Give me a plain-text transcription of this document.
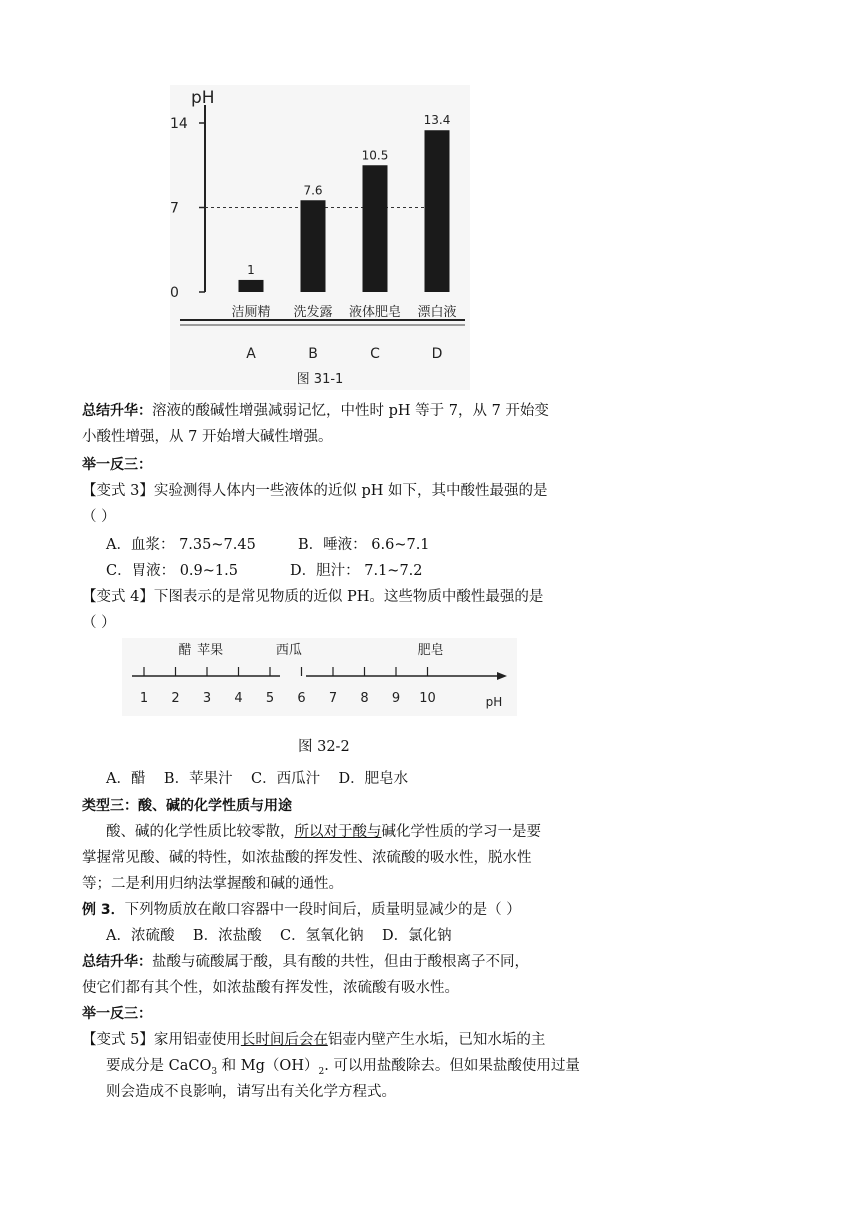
pH
0
7
14
1
洁厕精
A
7.6
洗发露
B
10.5
液体肥皂
C
13.4
漂白液
D
图 31-1
1 2 3 4 5 6 7 8 9 10	pH
醋 苹果	西瓜	肥皂
图 32-2
总结升华：溶液的酸碱性增强减弱记忆，中性时 pH 等于 7，从 7 开始变
小酸性增强，从 7 开始增大碱性增强。
举一反三：
【变式 3】实验测得人体内一些液体的近似 pH 如下，其中酸性最强的是
（ ）
A．血浆： 7.35~7.45	B．唾液： 6.6~7.1
C．胃液： 0.9~1.5	D．胆汁： 7.1~7.2
【变式 4】下图表示的是常见物质的近似 PH。这些物质中酸性最强的是
（ ）
A．醋    B．苹果汁    C．西瓜汁    D．肥皂水
类型三：酸、碱的化学性质与用途
酸、碱的化学性质比较零散，所以对于酸与碱化学性质的学习一是要
掌握常见酸、碱的特性，如浓盐酸的挥发性、浓硫酸的吸水性，脱水性
等；二是利用归纳法掌握酸和碱的通性。
例 3．下列物质放在敞口容器中一段时间后，质量明显减少的是（ ）
A．浓硫酸    B．浓盐酸    C．氢氧化钠    D．氯化钠
总结升华：盐酸与硫酸属于酸，具有酸的共性，但由于酸根离子不同，
使它们都有其个性，如浓盐酸有挥发性，浓硫酸有吸水性。
举一反三：
【变式 5】家用铝壶使用长时间后会在铝壶内壁产生水垢，已知水垢的主
要成分是 CaCO$_3$ 和 $Mg(OH)_2$. 可以用盐酸除去。但如果盐酸使用过量
则会造成不良影响，请写出有关化学方程式。
